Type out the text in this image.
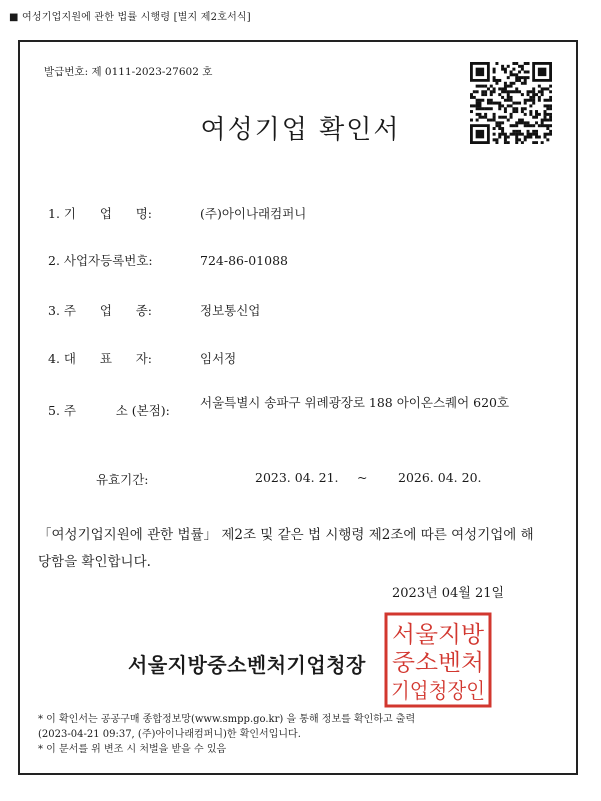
■ 여성기업지원에 관한 법률 시행령 [별지 제2호서식]
발급번호: 제 0111-2023-27602 호
여성기업 확인서
1. 기      업      명:	(주)아이나래컴퍼니
2. 사업자등록번호:	724-86-01088
3. 주      업      종:	정보통신업
4. 대      표      자:	임서정
5. 주          소 (본점):
서울특별시 송파구 위례광장로 188 아이온스퀘어 620호
유효기간:	2023. 04. 21. ~ 2026. 04. 20.
「여성기업지원에 관한 법률」 제2조 및 같은 법 시행령 제2조에 따른 여성기업에 해당함을 확인합니다.
2023년 04월 21일
서울지방중소벤처기업청장
서울지방
중소벤처
기업청장인
* 이 확인서는 공공구매 종합정보망(www.smpp.go.kr) 을 통해 정보를 확인하고 출력
(2023-04-21 09:37, (주)아이나래컴퍼니)한 확인서입니다.
* 이 문서를 위 변조 시 처벌을 받을 수 있음
